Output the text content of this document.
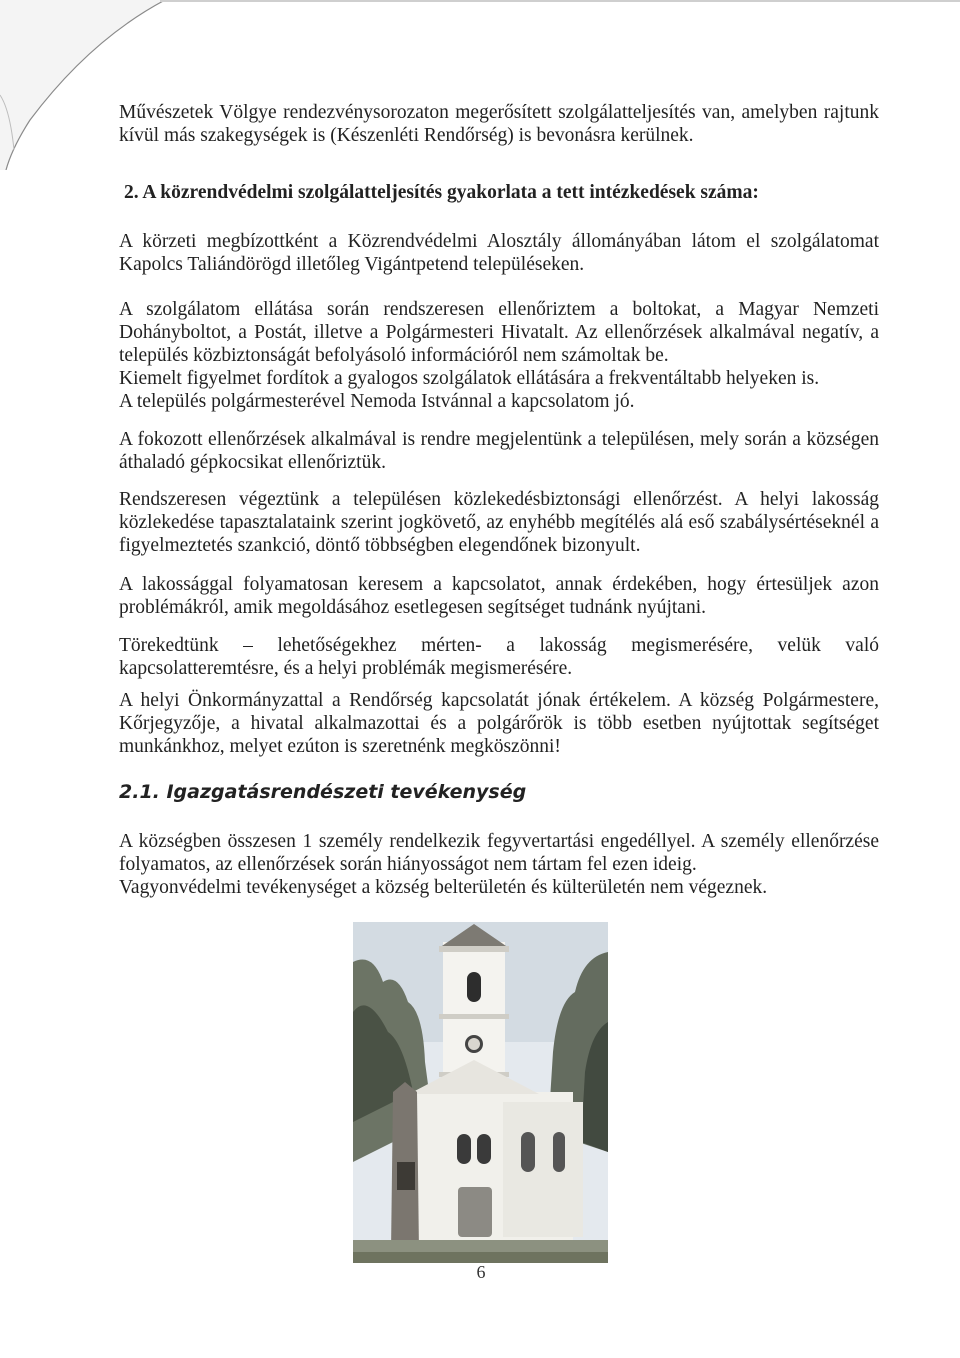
Művészetek Völgye rendezvénysorozaton megerősített szolgálatteljesítés van, amelyben rajtunk
kívül más szakegységek is (Készenléti Rendőrség) is bevonásra kerülnek.
2. A közrendvédelmi szolgálatteljesítés gyakorlata a tett intézkedések száma:
A körzeti megbízottként a Közrendvédelmi Alosztály állományában látom el szolgálatomat
Kapolcs Taliándörögd illetőleg Vigántpetend településeken.
A szolgálatom ellátása során rendszeresen ellenőriztem a boltokat, a Magyar Nemzeti
Dohányboltot, a Postát, illetve a Polgármesteri Hivatalt. Az ellenőrzések alkalmával negatív, a
település közbiztonságát befolyásoló információról nem számoltak be.
Kiemelt figyelmet fordítok a gyalogos szolgálatok ellátására a frekventáltabb helyeken is.
A település polgármesterével Nemoda Istvánnal a kapcsolatom jó.
A fokozott ellenőrzések alkalmával is rendre megjelentünk a településen, mely során a községen
áthaladó gépkocsikat ellenőriztük.
Rendszeresen végeztünk a településen közlekedésbiztonsági ellenőrzést. A helyi lakosság
közlekedése tapasztalataink szerint jogkövető, az enyhébb megítélés alá eső szabálysértéseknél a
figyelmeztetés szankció, döntő többségben elegendőnek bizonyult.
A lakossággal folyamatosan keresem a kapcsolatot, annak érdekében, hogy értesüljek azon
problémákról, amik megoldásához esetlegesen segítséget tudnánk nyújtani.
Törekedtünk – lehetőségekhez mérten- a lakosság megismerésére, velük való
kapcsolatteremtésre, és a helyi problémák megismerésére.
A helyi Önkormányzattal a Rendőrség kapcsolatát jónak értékelem. A község Polgármestere,
Kőrjegyzője, a hivatal alkalmazottai és a polgárőrök is több esetben nyújtottak segítséget
munkánkhoz, melyet ezúton is szeretnénk megköszönni!
2.1. Igazgatásrendészeti tevékenység
A községben összesen 1 személy rendelkezik fegyvertartási engedéllyel. A személy ellenőrzése
folyamatos, az ellenőrzések során hiányosságot nem tártam fel ezen ideig.
Vagyonvédelmi tevékenységet a község belterületén és külterületén nem végeznek.
6
